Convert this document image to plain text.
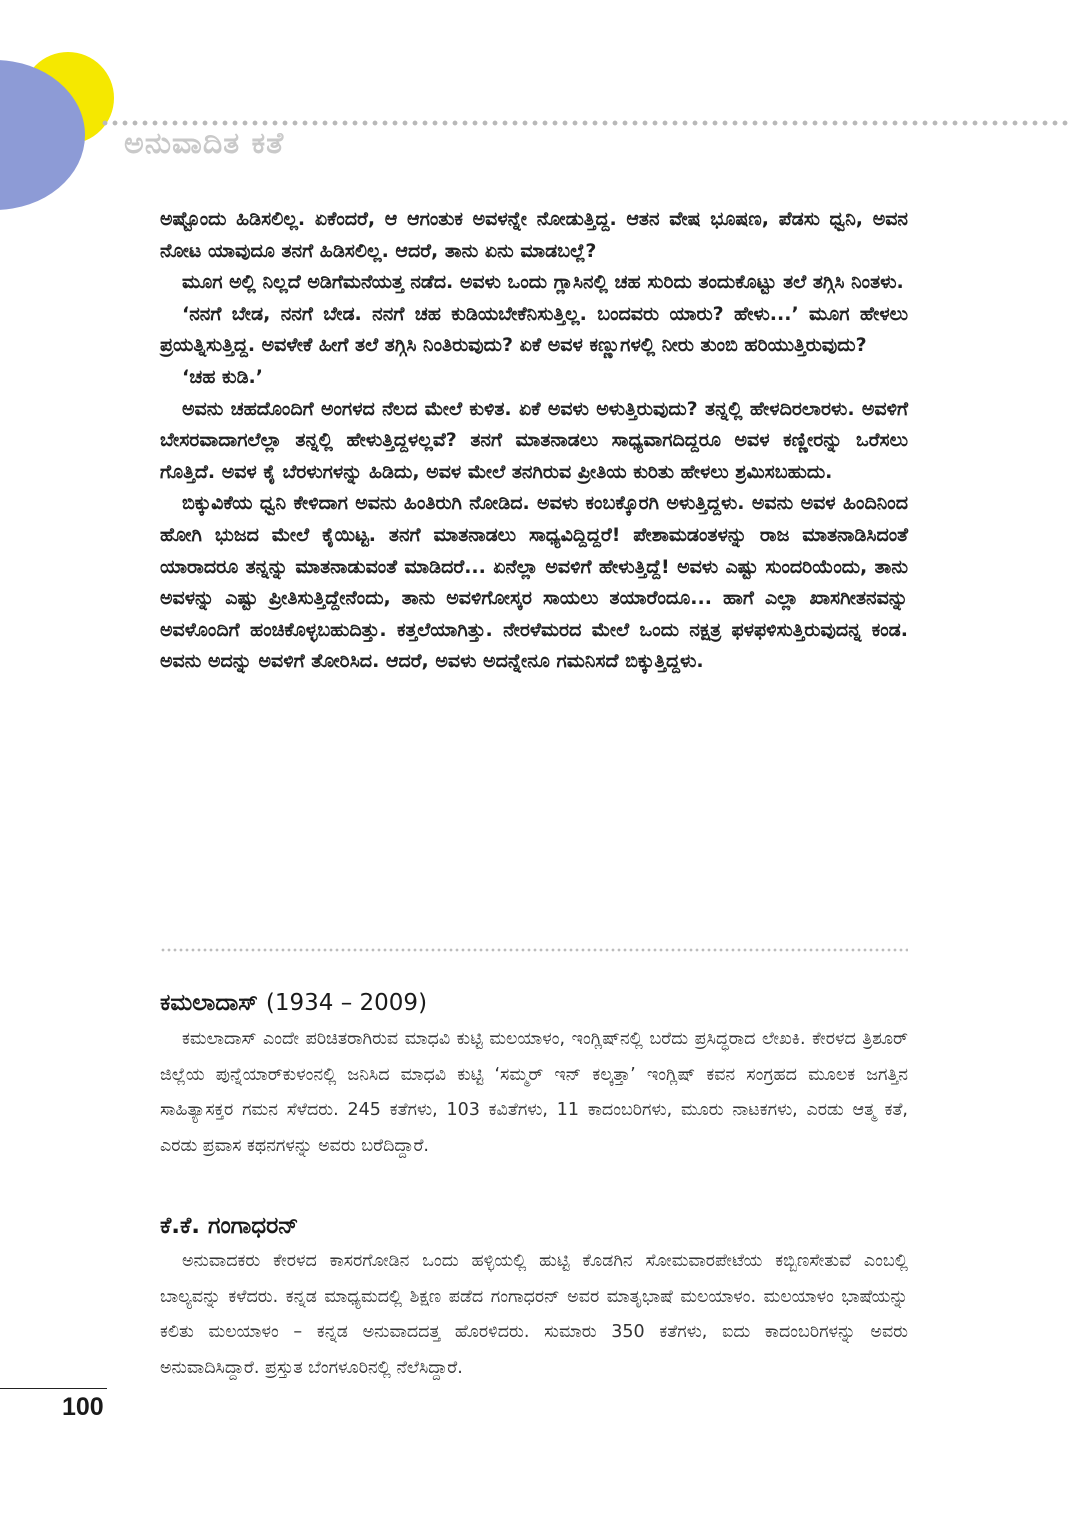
ಅನುವಾದಿತ ಕತೆ

ಅಷ್ಟೊಂದು ಹಿಡಿಸಲಿಲ್ಲ. ಏಕೆಂದರೆ, ಆ ಆಗಂತುಕ ಅವಳನ್ನೇ ನೋಡುತ್ತಿದ್ದ. ಆತನ ವೇಷ ಭೂಷಣ, ಪೆಡಸು ಧ್ವನಿ, ಅವನ ನೋಟ ಯಾವುದೂ ತನಗೆ ಹಿಡಿಸಲಿಲ್ಲ. ಆದರೆ, ತಾನು ಏನು ಮಾಡಬಲ್ಲೆ?

ಮೂಗ ಅಲ್ಲಿ ನಿಲ್ಲದೆ ಅಡಿಗೆಮನೆಯತ್ತ ನಡೆದ. ಅವಳು ಒಂದು ಗ್ಲಾಸಿನಲ್ಲಿ ಚಹ ಸುರಿದು ತಂದುಕೊಟ್ಟು ತಲೆ ತಗ್ಗಿಸಿ ನಿಂತಳು.

‘ನನಗೆ ಬೇಡ, ನನಗೆ ಬೇಡ. ನನಗೆ ಚಹ ಕುಡಿಯಬೇಕೆನಿಸುತ್ತಿಲ್ಲ. ಬಂದವರು ಯಾರು? ಹೇಳು...’ ಮೂಗ ಹೇಳಲು ಪ್ರಯತ್ನಿಸುತ್ತಿದ್ದ. ಅವಳೇಕೆ ಹೀಗೆ ತಲೆ ತಗ್ಗಿಸಿ ನಿಂತಿರುವುದು? ಏಕೆ ಅವಳ ಕಣ್ಣುಗಳಲ್ಲಿ ನೀರು ತುಂಬಿ ಹರಿಯುತ್ತಿರುವುದು?

‘ಚಹ ಕುಡಿ.’

ಅವನು ಚಹದೊಂದಿಗೆ ಅಂಗಳದ ನೆಲದ ಮೇಲೆ ಕುಳಿತ. ಏಕೆ ಅವಳು ಅಳುತ್ತಿರುವುದು? ತನ್ನಲ್ಲಿ ಹೇಳದಿರಲಾರಳು. ಅವಳಿಗೆ ಬೇಸರವಾದಾಗಲೆಲ್ಲಾ ತನ್ನಲ್ಲಿ ಹೇಳುತ್ತಿದ್ದಳಲ್ಲವೆ? ತನಗೆ ಮಾತನಾಡಲು ಸಾಧ್ಯವಾಗದಿದ್ದರೂ ಅವಳ ಕಣ್ಣೀರನ್ನು ಒರೆಸಲು ಗೊತ್ತಿದೆ. ಅವಳ ಕೈ ಬೆರಳುಗಳನ್ನು ಹಿಡಿದು, ಅವಳ ಮೇಲೆ ತನಗಿರುವ ಪ್ರೀತಿಯ ಕುರಿತು ಹೇಳಲು ಶ್ರಮಿಸಬಹುದು.

ಬಿಕ್ಕುವಿಕೆಯ ಧ್ವನಿ ಕೇಳಿದಾಗ ಅವನು ಹಿಂತಿರುಗಿ ನೋಡಿದ. ಅವಳು ಕಂಬಕ್ಕೊರಗಿ ಅಳುತ್ತಿದ್ದಳು. ಅವನು ಅವಳ ಹಿಂದಿನಿಂದ ಹೋಗಿ ಭುಜದ ಮೇಲೆ ಕೈಯಿಟ್ಟ. ತನಗೆ ಮಾತನಾಡಲು ಸಾಧ್ಯವಿದ್ದಿದ್ದರೆ! ಪೇಶಾಮಡಂತಳನ್ನು ರಾಜ ಮಾತನಾಡಿಸಿದಂತೆ ಯಾರಾದರೂ ತನ್ನನ್ನು ಮಾತನಾಡುವಂತೆ ಮಾಡಿದರೆ... ಏನೆಲ್ಲಾ ಅವಳಿಗೆ ಹೇಳುತ್ತಿದ್ದೆ! ಅವಳು ಎಷ್ಟು ಸುಂದರಿಯೆಂದು, ತಾನು ಅವಳನ್ನು ಎಷ್ಟು ಪ್ರೀತಿಸುತ್ತಿದ್ದೇನೆಂದು, ತಾನು ಅವಳಿಗೋಸ್ಕರ ಸಾಯಲು ತಯಾರೆಂದೂ... ಹಾಗೆ ಎಲ್ಲಾ ಖಾಸಗೀತನವನ್ನು ಅವಳೊಂದಿಗೆ ಹಂಚಿಕೊಳ್ಳಬಹುದಿತ್ತು. ಕತ್ತಲೆಯಾಗಿತ್ತು. ನೇರಳೆಮರದ ಮೇಲೆ ಒಂದು ನಕ್ಷತ್ರ ಫಳಫಳಿಸುತ್ತಿರುವುದನ್ನ ಕಂಡ. ಅವನು ಅದನ್ನು ಅವಳಿಗೆ ತೋರಿಸಿದ. ಆದರೆ, ಅವಳು ಅದನ್ನೇನೂ ಗಮನಿಸದೆ ಬಿಕ್ಕುತ್ತಿದ್ದಳು.

ಕಮಲಾದಾಸ್ (1934 – 2009)

ಕಮಲಾದಾಸ್ ಎಂದೇ ಪರಿಚಿತರಾಗಿರುವ ಮಾಧವಿ ಕುಟ್ಟಿ ಮಲಯಾಳಂ, ಇಂಗ್ಲಿಷ್‌ನಲ್ಲಿ ಬರೆದು ಪ್ರಸಿದ್ಧರಾದ ಲೇಖಕಿ. ಕೇರಳದ ತ್ರಿಶೂರ್ ಜಿಲ್ಲೆಯ ಪುನ್ನೆಯಾರ್‌ಕುಳಂನಲ್ಲಿ ಜನಿಸಿದ ಮಾಧವಿ ಕುಟ್ಟಿ ‘ಸಮ್ಮರ್ ಇನ್ ಕಲ್ಕತ್ತಾ’ ಇಂಗ್ಲಿಷ್ ಕವನ ಸಂಗ್ರಹದ ಮೂಲಕ ಜಗತ್ತಿನ ಸಾಹಿತ್ಯಾಸಕ್ತರ ಗಮನ ಸೆಳೆದರು. 245 ಕತೆಗಳು, 103 ಕವಿತೆಗಳು, 11 ಕಾದಂಬರಿಗಳು, ಮೂರು ನಾಟಕಗಳು, ಎರಡು ಆತ್ಮ ಕತೆ, ಎರಡು ಪ್ರವಾಸ ಕಥನಗಳನ್ನು ಅವರು ಬರೆದಿದ್ದಾರೆ.

ಕೆ.ಕೆ. ಗಂಗಾಧರನ್

ಅನುವಾದಕರು ಕೇರಳದ ಕಾಸರಗೋಡಿನ ಒಂದು ಹಳ್ಳಿಯಲ್ಲಿ ಹುಟ್ಟಿ ಕೊಡಗಿನ ಸೋಮವಾರಪೇಟೆಯ ಕಬ್ಬಿಣಸೇತುವೆ ಎಂಬಲ್ಲಿ ಬಾಲ್ಯವನ್ನು ಕಳೆದರು. ಕನ್ನಡ ಮಾಧ್ಯಮದಲ್ಲಿ ಶಿಕ್ಷಣ ಪಡೆದ ಗಂಗಾಧರನ್ ಅವರ ಮಾತೃಭಾಷೆ ಮಲಯಾಳಂ. ಮಲಯಾಳಂ ಭಾಷೆಯನ್ನು ಕಲಿತು ಮಲಯಾಳಂ – ಕನ್ನಡ ಅನುವಾದದತ್ತ ಹೊರಳಿದರು. ಸುಮಾರು 350 ಕತೆಗಳು, ಐದು ಕಾದಂಬರಿಗಳನ್ನು ಅವರು ಅನುವಾದಿಸಿದ್ದಾರೆ. ಪ್ರಸ್ತುತ ಬೆಂಗಳೂರಿನಲ್ಲಿ ನೆಲೆಸಿದ್ದಾರೆ.

100
